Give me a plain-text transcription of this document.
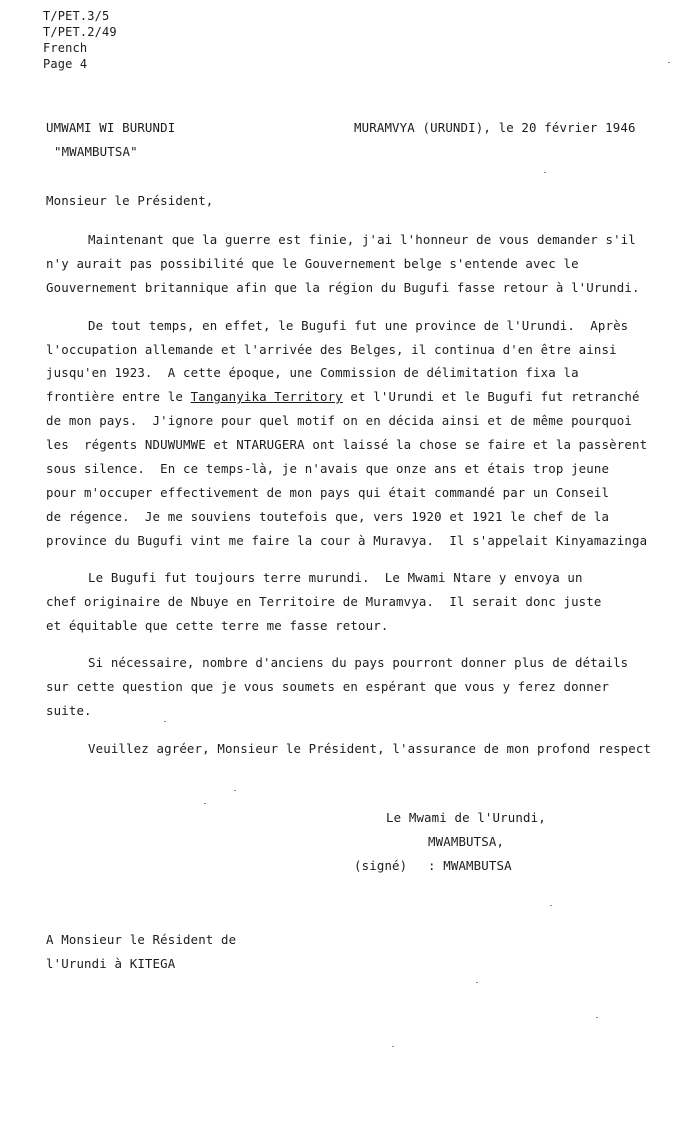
T/PET.3/5
T/PET.2/49
French
Page 4
UMWAMI WI BURUNDI
"MWAMBUTSA"
MURAMVYA (URUNDI), le 20 février 1946
Monsieur le Président,
Maintenant que la guerre est finie, j'ai l'honneur de vous demander s'il
n'y aurait pas possibilité que le Gouvernement belge s'entende avec le
Gouvernement britannique afin que la région du Bugufi fasse retour à l'Urundi.
De tout temps, en effet, le Bugufi fut une province de l'Urundi.  Après
l'occupation allemande et l'arrivée des Belges, il continua d'en être ainsi
jusqu'en 1923.  A cette époque, une Commission de délimitation fixa la
frontière entre le Tanganyika Territory et l'Urundi et le Bugufi fut retranché
de mon pays.  J'ignore pour quel motif on en décida ainsi et de même pourquoi
les  régents NDUWUMWE et NTARUGERA ont laissé la chose se faire et la passèrent
sous silence.  En ce temps-là, je n'avais que onze ans et étais trop jeune
pour m'occuper effectivement de mon pays qui était commandé par un Conseil
de régence.  Je me souviens toutefois que, vers 1920 et 1921 le chef de la
province du Bugufi vint me faire la cour à Muravya.  Il s'appelait Kinyamazinga
Le Bugufi fut toujours terre murundi.  Le Mwami Ntare y envoya un
chef originaire de Nbuye en Territoire de Muramvya.  Il serait donc juste
et équitable que cette terre me fasse retour.
Si nécessaire, nombre d'anciens du pays pourront donner plus de détails
sur cette question que je vous soumets en espérant que vous y ferez donner
suite.
Veuillez agréer, Monsieur le Président, l'assurance de mon profond respect
Le Mwami de l'Urundi,
MWAMBUTSA,
(signé) : MWAMBUTSA
A Monsieur le Résident de
l'Urundi à KITEGA
